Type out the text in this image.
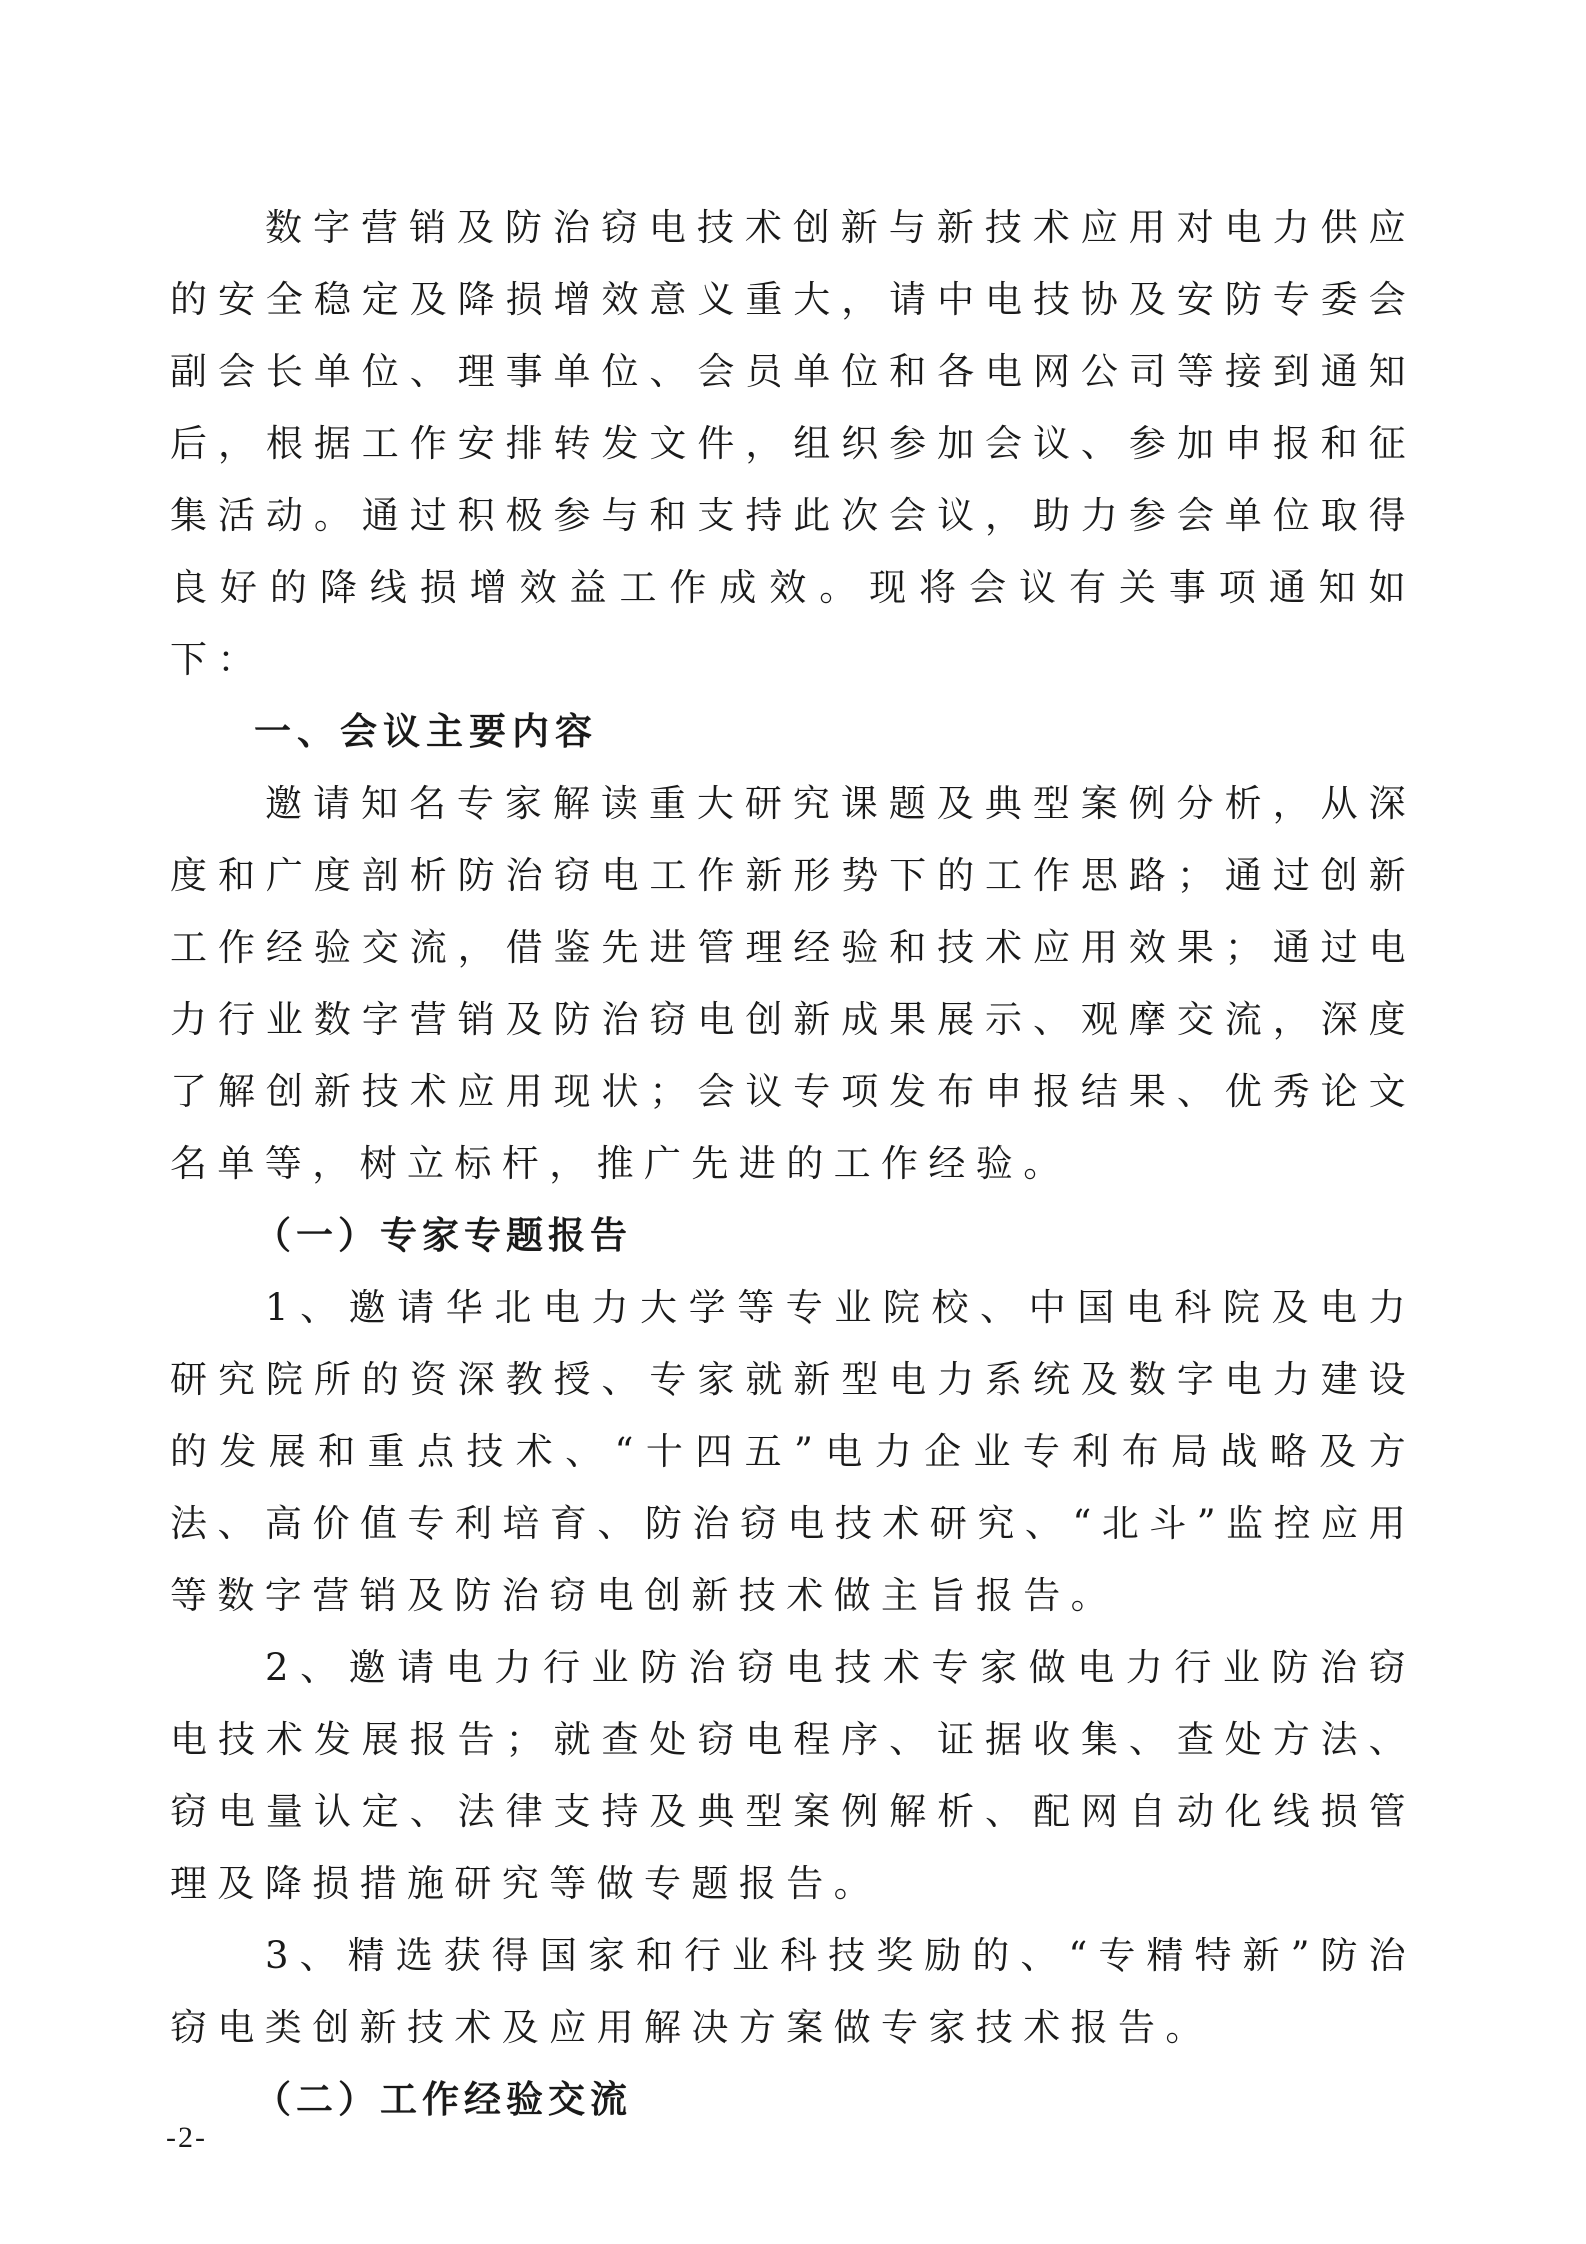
数字营销及防治窃电技术创新与新技术应用对电力供应的安全稳定及降损增效意义重大，请中电技协及安防专委会副会长单位、理事单位、会员单位和各电网公司等接到通知后，根据工作安排转发文件，组织参加会议、参加申报和征集活动。通过积极参与和支持此次会议，助力参会单位取得良好的降线损增效益工作成效。现将会议有关事项通知如下：

一、会议主要内容

邀请知名专家解读重大研究课题及典型案例分析，从深度和广度剖析防治窃电工作新形势下的工作思路；通过创新工作经验交流，借鉴先进管理经验和技术应用效果；通过电力行业数字营销及防治窃电创新成果展示、观摩交流，深度了解创新技术应用现状；会议专项发布申报结果、优秀论文名单等，树立标杆，推广先进的工作经验。

（一）专家专题报告

1、邀请华北电力大学等专业院校、中国电科院及电力研究院所的资深教授、专家就新型电力系统及数字电力建设的发展和重点技术、“十四五”电力企业专利布局战略及方法、高价值专利培育、防治窃电技术研究、“北斗”监控应用等数字营销及防治窃电创新技术做主旨报告。

2、邀请电力行业防治窃电技术专家做电力行业防治窃电技术发展报告；就查处窃电程序、证据收集、查处方法、窃电量认定、法律支持及典型案例解析、配网自动化线损管理及降损措施研究等做专题报告。

3、精选获得国家和行业科技奖励的、“专精特新”防治窃电类创新技术及应用解决方案做专家技术报告。

（二）工作经验交流

-2-
